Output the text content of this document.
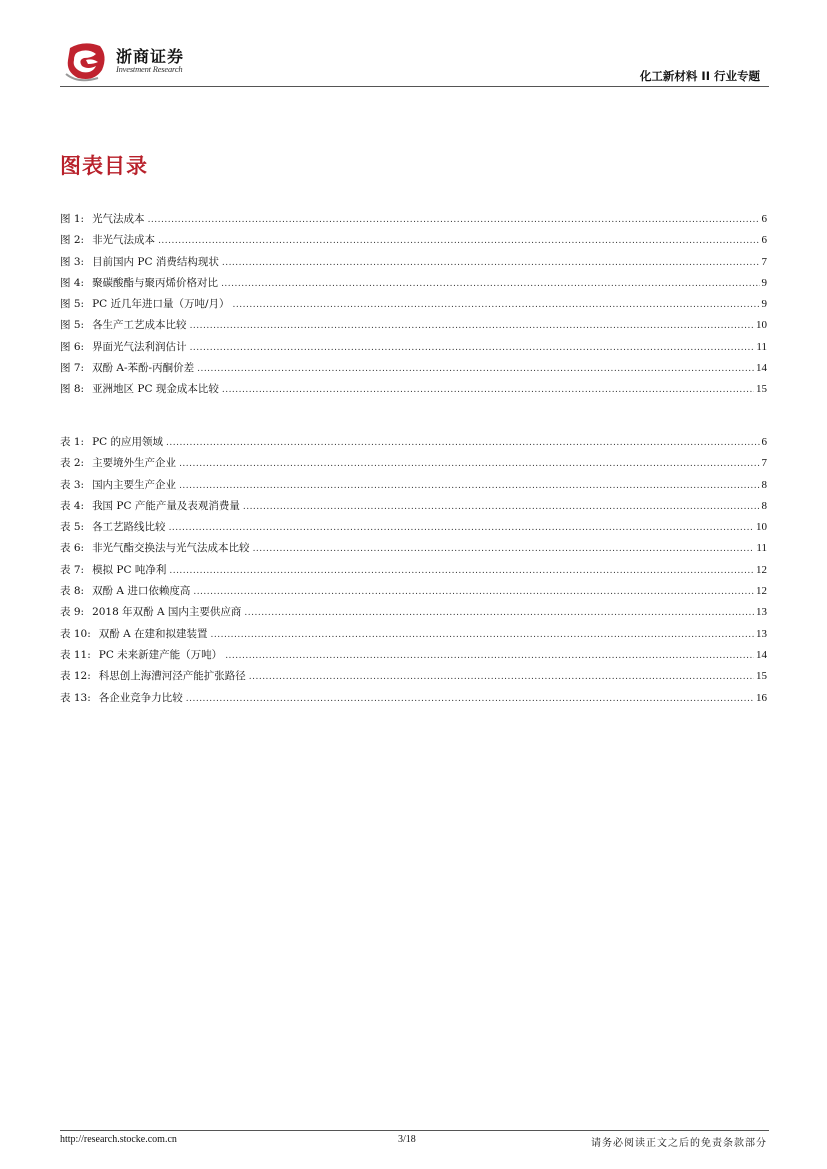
浙商证券
Investment Research	化工新材料 II 行业专题
图表目录
图 1: 光气法成本 .....	6
图 2: 非光气法成本 .....	6
图 3: 目前国内 PC 消费结构现状 .....	7
图 4: 聚碳酸酯与聚丙烯价格对比 .....	9
图 5: PC 近几年进口量（万吨/月） .....	9
图 5: 各生产工艺成本比较 .....	10
图 6: 界面光气法利润估计 .....	11
图 7: 双酚 A-苯酚-丙酮价差 .....	14
图 8: 亚洲地区 PC 现金成本比较 .....	15
表 1: PC 的应用领域 .....	6
表 2: 主要境外生产企业 .....	7
表 3: 国内主要生产企业 .....	8
表 4: 我国 PC 产能产量及表观消费量 .....	8
表 5: 各工艺路线比较 .....	10
表 6: 非光气酯交换法与光气法成本比较 .....	11
表 7: 模拟 PC 吨净利 .....	12
表 8: 双酚 A 进口依赖度高 .....	12
表 9: 2018 年双酚 A 国内主要供应商 .....	13
表 10: 双酚 A 在建和拟建装置 .....	13
表 11: PC 未来新建产能（万吨） .....	14
表 12: 科思创上海漕河泾产能扩张路径 .....	15
表 13: 各企业竞争力比较 .....	16
http://research.stocke.com.cn	3/18	请务必阅读正文之后的免责条款部分
